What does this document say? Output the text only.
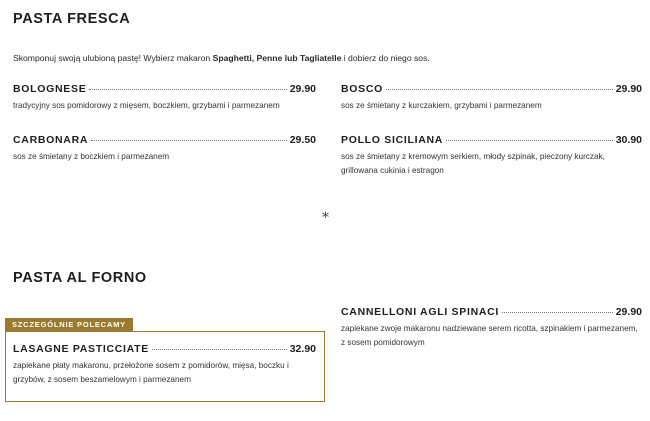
PASTA FRESCA
Skomponuj swoją ulubioną pastę! Wybierz makaron Spaghetti, Penne lub Tagliatelle i dobierz do niego sos.
BOLOGNESE	29.90
tradycyjny sos pomidorowy z mięsem, boczkiem, grzybami i parmezanem
BOSCO	29.90
sos ze śmietany z kurczakiem, grzybami i parmezanem
CARBONARA	29.50
sos ze śmietany z boczkiem i parmezanem
POLLO SICILIANA	30.90
sos ze śmietany z kremowym serkiem, młody szpinak, pieczony kurczak, grillowana cukinia i estragon
*
PASTA AL FORNO
SZCZEGÓLNIE POLECAMY
LASAGNE PASTICCIATE	32.90
zapiekane płaty makaronu, przełożone sosem z pomidorów, mięsa, boczku i grzybów, z sosem beszamelowym i parmezanem
CANNELLONI AGLI SPINACI	29.90
zapiekane zwoje makaronu nadziewane serem ricotta, szpinakiem i parmezanem, z sosem pomidorowym
